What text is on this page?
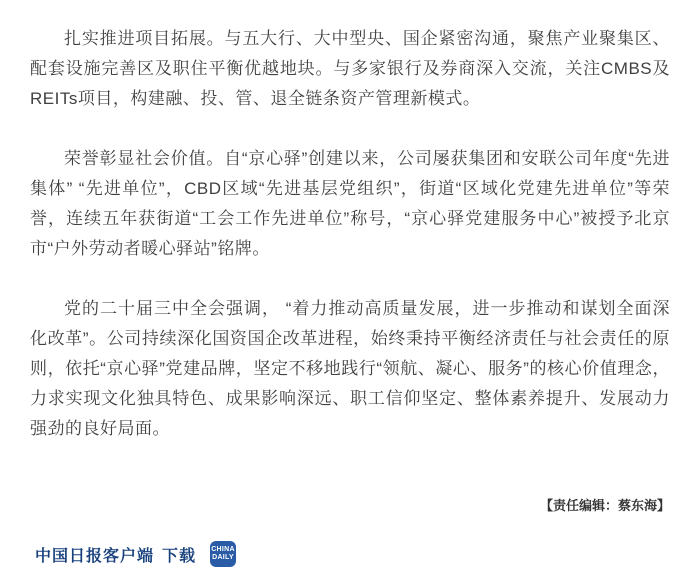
扎实推进项目拓展。与五大行、大中型央、国企紧密沟通，聚焦产业聚集区、配套设施完善区及职住平衡优越地块。与多家银行及券商深入交流，关注CMBS及REITs项目，构建融、投、管、退全链条资产管理新模式。

荣誉彰显社会价值。自“京心驿”创建以来，公司屡获集团和安联公司年度“先进集体” “先进单位”，CBD区域“先进基层党组织”，街道“区域化党建先进单位”等荣誉，连续五年获街道“工会工作先进单位”称号，“京心驿党建服务中心”被授予北京市“户外劳动者暖心驿站”铭牌。

党的二十届三中全会强调， “着力推动高质量发展，进一步推动和谋划全面深化改革”。公司持续深化国资国企改革进程，始终秉持平衡经济责任与社会责任的原则，依托“京心驿”党建品牌，坚定不移地践行“领航、凝心、服务”的核心价值理念，力求实现文化独具特色、成果影响深远、职工信仰坚定、整体素养提升、发展动力强劲的良好局面。

【责任编辑：蔡东海】
中国日报客户端 下载 CHINA
DAILY
